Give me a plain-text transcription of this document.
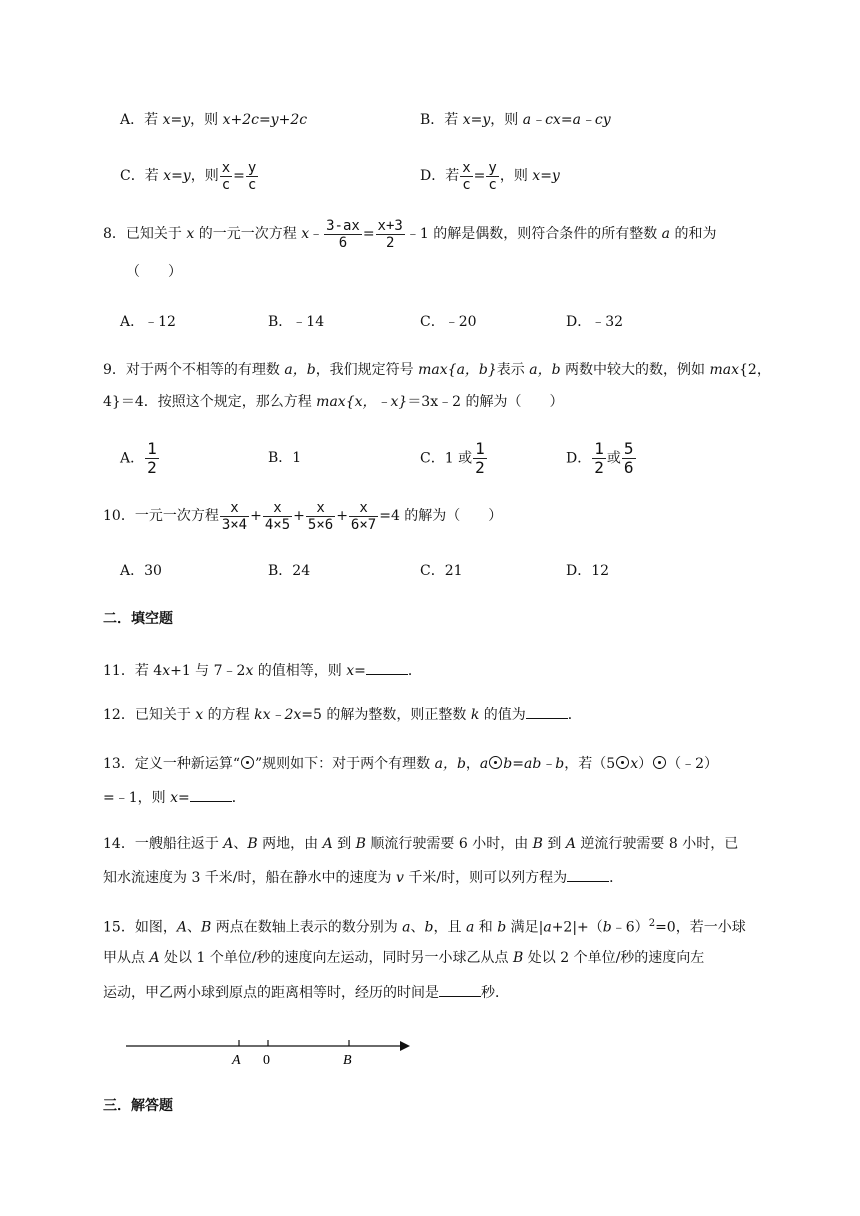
A．若 x=y，则 x+2c=y+2c	B．若 x=y，则 a﹣cx=a﹣cy
C．若 x=y，则 $\frac{x}{c} = \frac{y}{c}$	D．若 $\frac{x}{c} = \frac{y}{c}$ ，则 x=y
8．已知关于 x 的一元一次方程 x﹣ $\frac{3-ax}{6} = \frac{x+3}{2}$ ﹣1 的解是偶数，则符合条件的所有整数 a 的和为
（　　）
A．﹣12	B．﹣14	C．﹣20	D．﹣32
9．对于两个不相等的有理数 a，b，我们规定符号 max{a，b}表示 a，b 两数中较大的数，例如 max{2，
4}＝4．按照这个规定，那么方程 max{x，﹣x}＝3x﹣2 的解为（　　）
A． $\frac{1}{2}$	B．1	C．1 或 $\frac{1}{2}$	D． $\frac{1}{2}$ 或 $\frac{5}{6}$
10．一元一次方程 $\frac{x}{3\times 4} + \frac{x}{4\times 5} + \frac{x}{5\times 6} + \frac{x}{6\times 7} =4$ 的解为（　　）
A．30	B．24	C．21	D．12
二．填空题
11．若 4x+1 与 7﹣2x 的值相等，则 x=	．
12．已知关于 x 的方程 kx﹣2x=5 的解为整数，则正整数 k 的值为	．
13．定义一种新运算“ ”规则如下：对于两个有理数 a，b，a b=ab﹣b，若（5 x） （﹣2）
=﹣1，则 x=	．
14．一艘船往返于 A、B 两地，由 A 到 B 顺流行驶需要 6 小时，由 B 到 A 逆流行驶需要 8 小时，已
知水流速度为 3 千米/时，船在静水中的速度为 v 千米/时，则可以列方程为	．
15．如图，A、B 两点在数轴上表示的数分别为 a、b，且 a 和 b 满足|a+2|+（b﹣6）$^2$=0，若一小球
甲从点 A 处以 1 个单位/秒的速度向左运动，同时另一小球乙从点 B 处以 2 个单位/秒的速度向左
运动，甲乙两小球到原点的距离相等时，经历的时间是	秒．
A 0	B
三．解答题
